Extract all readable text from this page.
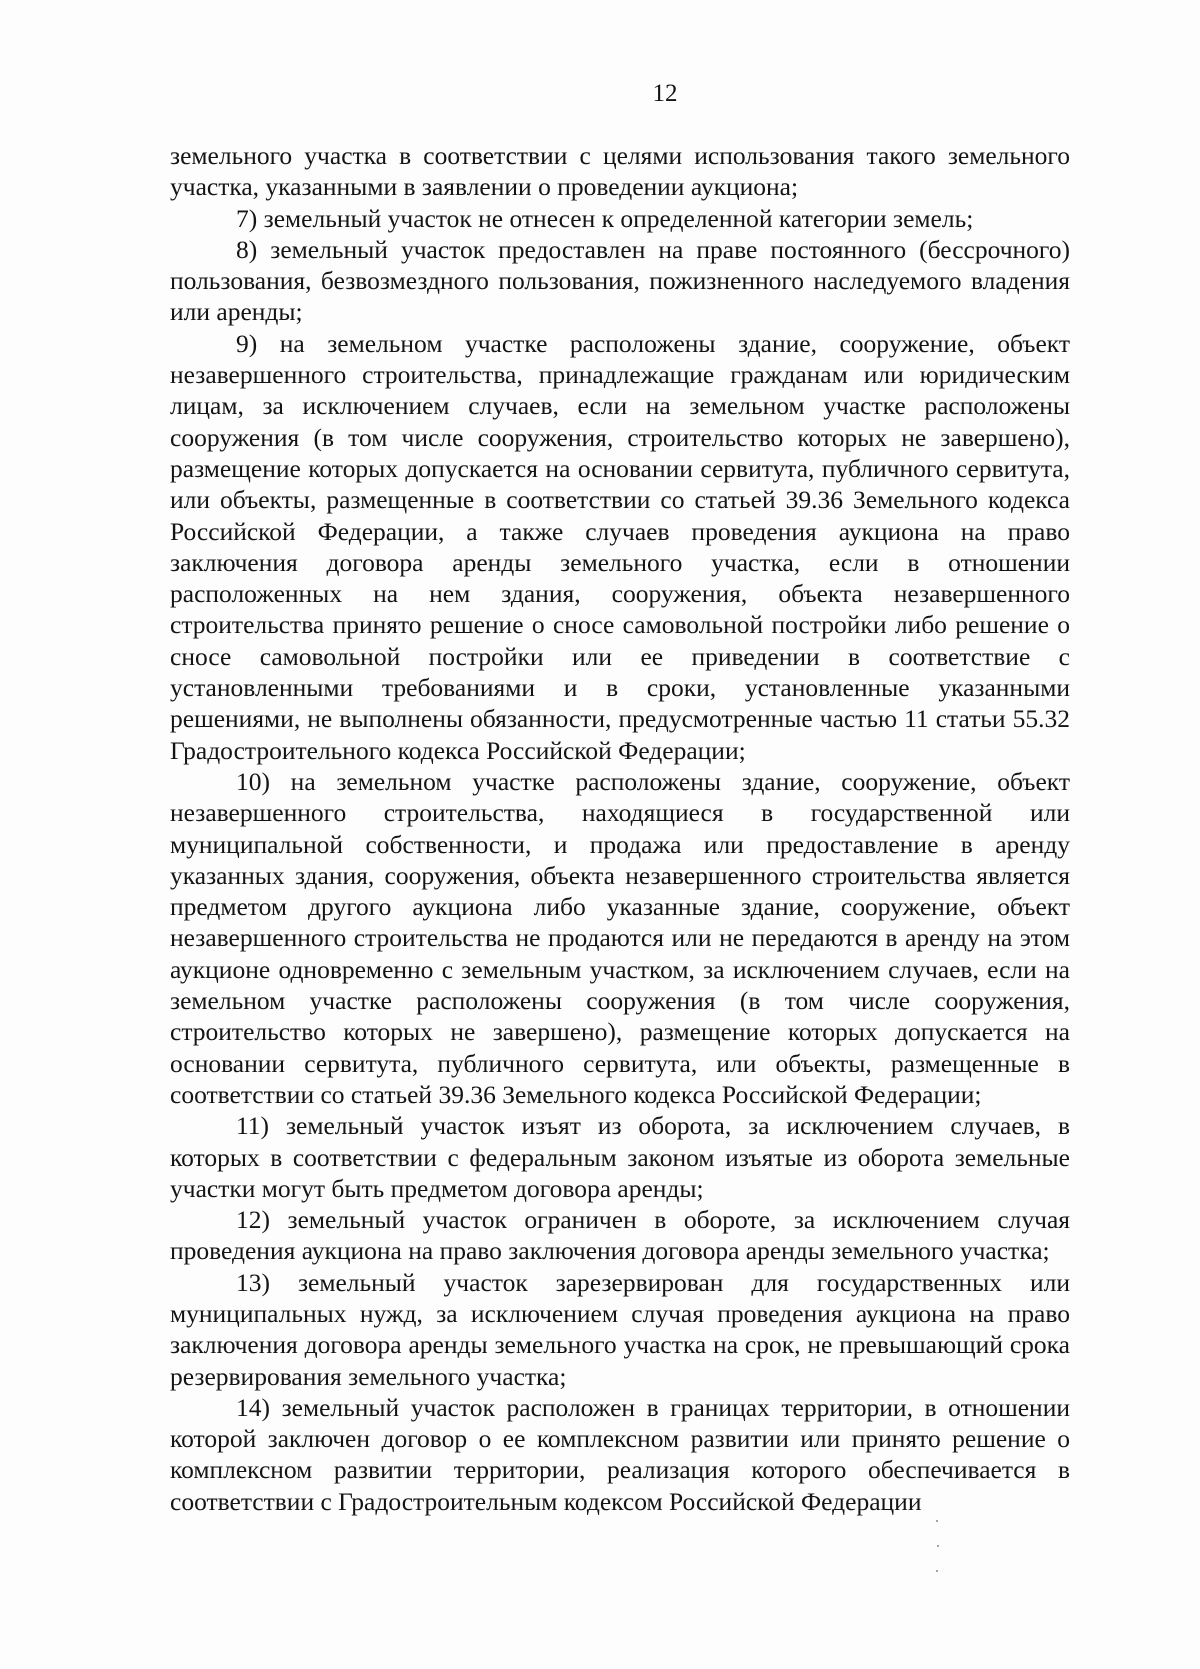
12

земельного участка в соответствии с целями использования такого земельного участка, указанными в заявлении о проведении аукциона;

7) земельный участок не отнесен к определенной категории земель;

8) земельный участок предоставлен на праве постоянного (бессрочного) пользования, безвозмездного пользования, пожизненного наследуемого владения или аренды;

9) на земельном участке расположены здание, сооружение, объект незавершенного строительства, принадлежащие гражданам или юридическим лицам, за исключением случаев, если на земельном участке расположены сооружения (в том числе сооружения, строительство которых не завершено), размещение которых допускается на основании сервитута, публичного сервитута, или объекты, размещенные в соответствии со статьей 39.36 Земельного кодекса Российской Федерации, а также случаев проведения аукциона на право заключения договора аренды земельного участка, если в отношении расположенных на нем здания, сооружения, объекта незавершенного строительства принято решение о сносе самовольной постройки либо решение о сносе самовольной постройки или ее приведении в соответствие с установленными требованиями и в сроки, установленные указанными решениями, не выполнены обязанности, предусмотренные частью 11 статьи 55.32 Градостроительного кодекса Российской Федерации;

10) на земельном участке расположены здание, сооружение, объект незавершенного строительства, находящиеся в государственной или муниципальной собственности, и продажа или предоставление в аренду указанных здания, сооружения, объекта незавершенного строительства является предметом другого аукциона либо указанные здание, сооружение, объект незавершенного строительства не продаются или не передаются в аренду на этом аукционе одновременно с земельным участком, за исключением случаев, если на земельном участке расположены сооружения (в том числе сооружения, строительство которых не завершено), размещение которых допускается на основании сервитута, публичного сервитута, или объекты, размещенные в соответствии со статьей 39.36 Земельного кодекса Российской Федерации;

11) земельный участок изъят из оборота, за исключением случаев, в которых в соответствии с федеральным законом изъятые из оборота земельные участки могут быть предметом договора аренды;

12) земельный участок ограничен в обороте, за исключением случая проведения аукциона на право заключения договора аренды земельного участка;

13) земельный участок зарезервирован для государственных или муниципальных нужд, за исключением случая проведения аукциона на право заключения договора аренды земельного участка на срок, не превышающий срока резервирования земельного участка;

14) земельный участок расположен в границах территории, в отношении которой заключен договор о ее комплексном развитии или принято решение о комплексном развитии территории, реализация которого обеспечивается в соответствии с Градостроительным кодексом Российской Федерации
